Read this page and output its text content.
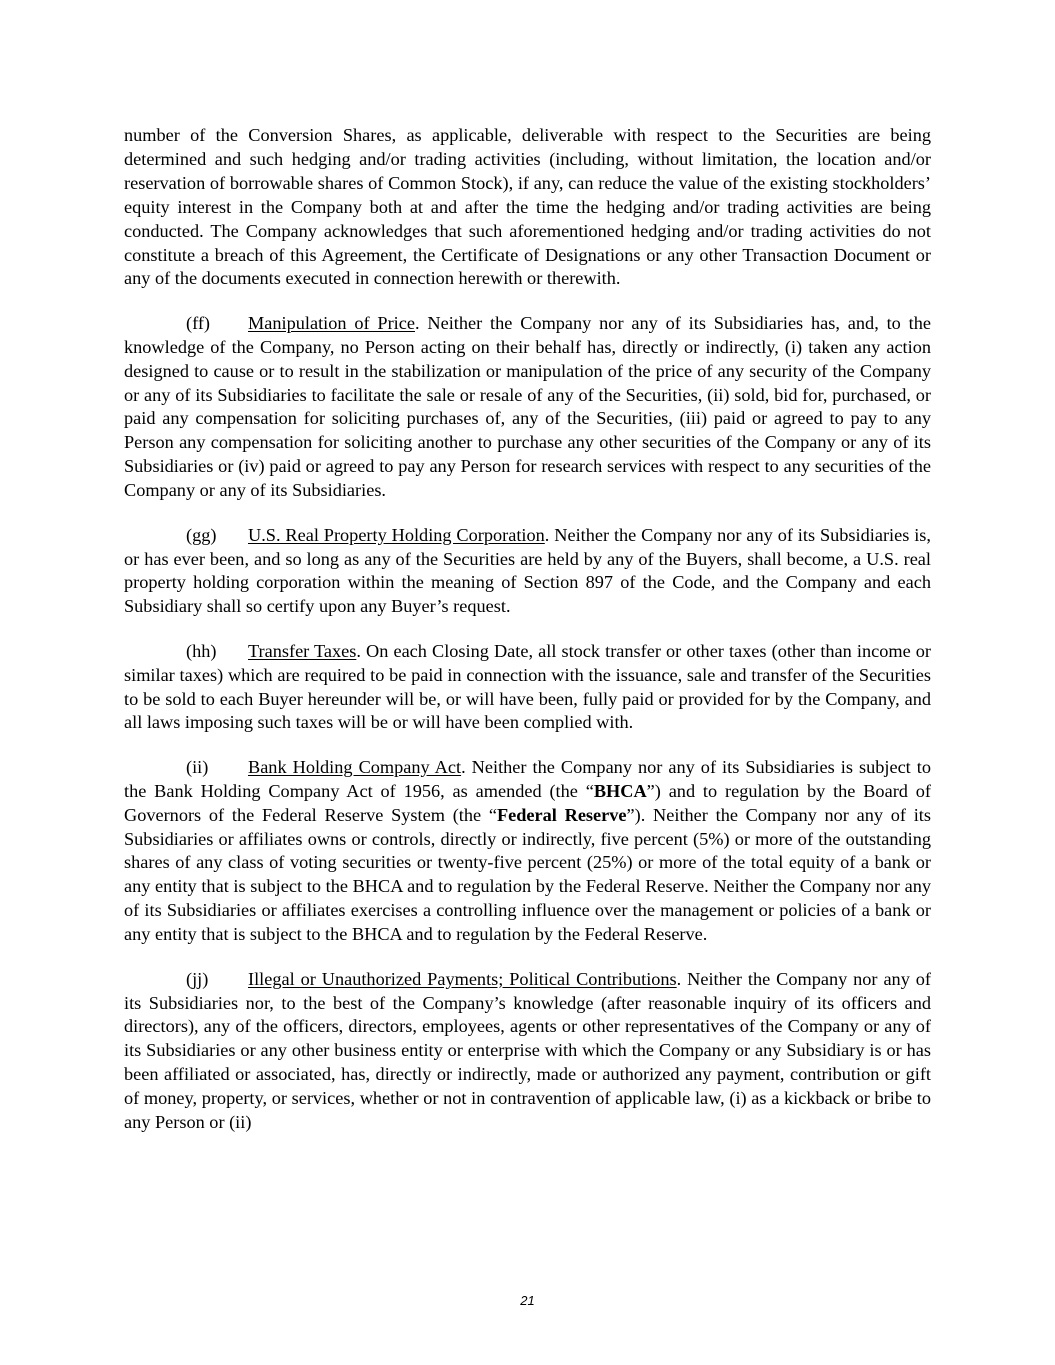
number of the Conversion Shares, as applicable, deliverable with respect to the Securities are being determined and such hedging and/or trading activities (including, without limitation, the location and/or reservation of borrowable shares of Common Stock), if any, can reduce the value of the existing stockholders’ equity interest in the Company both at and after the time the hedging and/or trading activities are being conducted. The Company acknowledges that such aforementioned hedging and/or trading activities do not constitute a breach of this Agreement, the Certificate of Designations or any other Transaction Document or any of the documents executed in connection herewith or therewith.

(ff) Manipulation of Price. Neither the Company nor any of its Subsidiaries has, and, to the knowledge of the Company, no Person acting on their behalf has, directly or indirectly, (i) taken any action designed to cause or to result in the stabilization or manipulation of the price of any security of the Company or any of its Subsidiaries to facilitate the sale or resale of any of the Securities, (ii) sold, bid for, purchased, or paid any compensation for soliciting purchases of, any of the Securities, (iii) paid or agreed to pay to any Person any compensation for soliciting another to purchase any other securities of the Company or any of its Subsidiaries or (iv) paid or agreed to pay any Person for research services with respect to any securities of the Company or any of its Subsidiaries.

(gg) U.S. Real Property Holding Corporation. Neither the Company nor any of its Subsidiaries is, or has ever been, and so long as any of the Securities are held by any of the Buyers, shall become, a U.S. real property holding corporation within the meaning of Section 897 of the Code, and the Company and each Subsidiary shall so certify upon any Buyer’s request.

(hh) Transfer Taxes. On each Closing Date, all stock transfer or other taxes (other than income or similar taxes) which are required to be paid in connection with the issuance, sale and transfer of the Securities to be sold to each Buyer hereunder will be, or will have been, fully paid or provided for by the Company, and all laws imposing such taxes will be or will have been complied with.

(ii) Bank Holding Company Act. Neither the Company nor any of its Subsidiaries is subject to the Bank Holding Company Act of 1956, as amended (the “BHCA”) and to regulation by the Board of Governors of the Federal Reserve System (the “Federal Reserve”). Neither the Company nor any of its Subsidiaries or affiliates owns or controls, directly or indirectly, five percent (5%) or more of the outstanding shares of any class of voting securities or twenty-five percent (25%) or more of the total equity of a bank or any entity that is subject to the BHCA and to regulation by the Federal Reserve. Neither the Company nor any of its Subsidiaries or affiliates exercises a controlling influence over the management or policies of a bank or any entity that is subject to the BHCA and to regulation by the Federal Reserve.

(jj) Illegal or Unauthorized Payments; Political Contributions. Neither the Company nor any of its Subsidiaries nor, to the best of the Company’s knowledge (after reasonable inquiry of its officers and directors), any of the officers, directors, employees, agents or other representatives of the Company or any of its Subsidiaries or any other business entity or enterprise with which the Company or any Subsidiary is or has been affiliated or associated, has, directly or indirectly, made or authorized any payment, contribution or gift of money, property, or services, whether or not in contravention of applicable law, (i) as a kickback or bribe to any Person or (ii)

21
